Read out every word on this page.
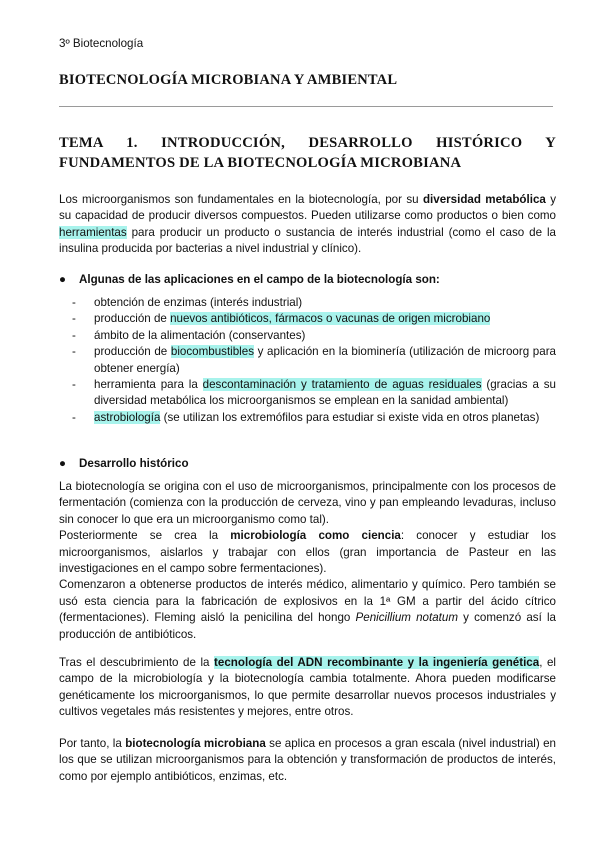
3º Biotecnología
BIOTECNOLOGÍA MICROBIANA Y AMBIENTAL
TEMA 1. INTRODUCCIÓN, DESARROLLO HISTÓRICO Y FUNDAMENTOS DE LA BIOTECNOLOGÍA MICROBIANA

Los microorganismos son fundamentales en la biotecnología, por su diversidad metabólica y su capacidad de producir diversos compuestos. Pueden utilizarse como productos o bien como herramientas para producir un producto o sustancia de interés industrial (como el caso de la insulina producida por bacterias a nivel industrial y clínico).

● Algunas de las aplicaciones en el campo de la biotecnología son:
- obtención de enzimas (interés industrial)
- producción de nuevos antibióticos, fármacos o vacunas de origen microbiano
- ámbito de la alimentación (conservantes)
- producción de biocombustibles y aplicación en la biominería (utilización de microorg para obtener energía)
- herramienta para la descontaminación y tratamiento de aguas residuales (gracias a su diversidad metabólica los microorganismos se emplean en la sanidad ambiental)
- astrobiología (se utilizan los extremófilos para estudiar si existe vida en otros planetas)
● Desarrollo histórico
La biotecnología se origina con el uso de microorganismos, principalmente con los procesos de fermentación (comienza con la producción de cerveza, vino y pan empleando levaduras, incluso sin conocer lo que era un microorganismo como tal).
Posteriormente se crea la microbiología como ciencia: conocer y estudiar los microorganismos, aislarlos y trabajar con ellos (gran importancia de Pasteur en las investigaciones en el campo sobre fermentaciones).
Comenzaron a obtenerse productos de interés médico, alimentario y químico. Pero también se usó esta ciencia para la fabricación de explosivos en la 1ª GM a partir del ácido cítrico (fermentaciones). Fleming aisló la penicilina del hongo Penicillium notatum y comenzó así la producción de antibióticos.

Tras el descubrimiento de la tecnología del ADN recombinante y la ingeniería genética, el campo de la microbiología y la biotecnología cambia totalmente. Ahora pueden modificarse genéticamente los microorganismos, lo que permite desarrollar nuevos procesos industriales y cultivos vegetales más resistentes y mejores, entre otros.

Por tanto, la biotecnología microbiana se aplica en procesos a gran escala (nivel industrial) en los que se utilizan microorganismos para la obtención y transformación de productos de interés, como por ejemplo antibióticos, enzimas, etc.
